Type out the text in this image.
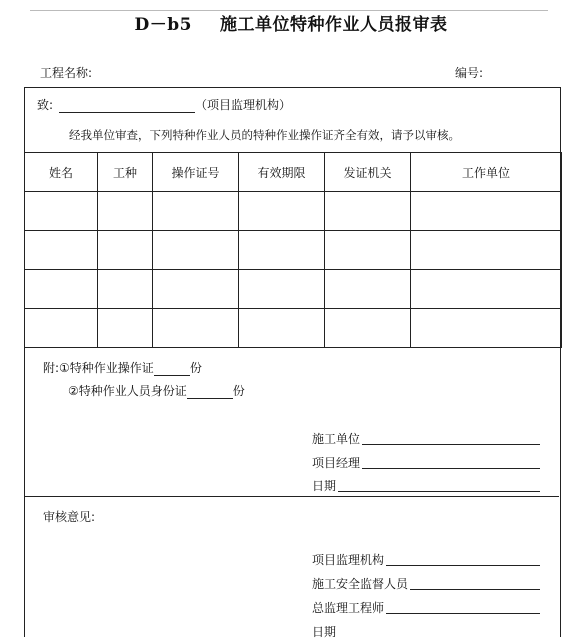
D－b5 施工单位特种作业人员报审表
工程名称:	编号:
致:	（项目监理机构）
经我单位审查，下列特种作业人员的特种作业操作证齐全有效，请予以审核。
姓名	工种	操作证号	有效期限	发证机关	工作单位

附:①特种作业操作证	份
②特种作业人员身份证	份
施工单位
项目经理
日期
审核意见:
项目监理机构
施工安全监督人员
总监理工程师
日期
